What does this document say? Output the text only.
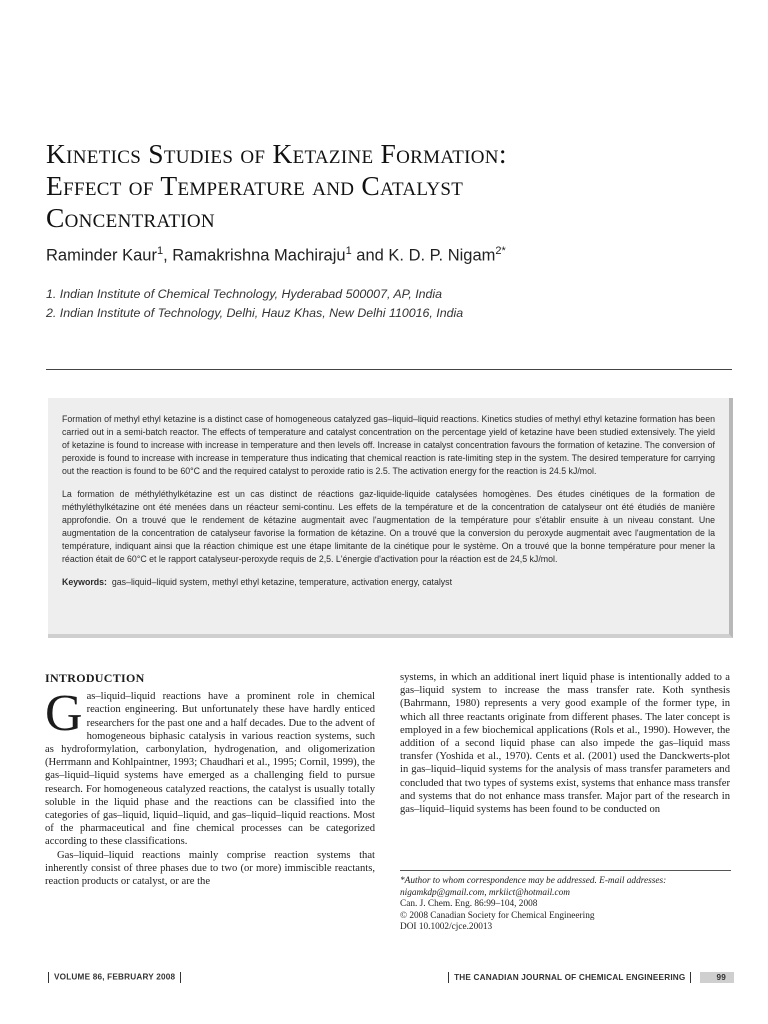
Kinetics Studies of Ketazine Formation:
Effect of Temperature and Catalyst
Concentration
Raminder Kaur$^1$, Ramakrishna Machiraju$^1$ and K. D. P. Nigam$^{2*}$
1. Indian Institute of Chemical Technology, Hyderabad 500007, AP, India
2. Indian Institute of Technology, Delhi, Hauz Khas, New Delhi 110016, India

Formation of methyl ethyl ketazine is a distinct case of homogeneous catalyzed gas–liquid–liquid reactions. Kinetics studies of methyl ethyl ketazine formation has been carried out in a semi-batch reactor. The effects of temperature and catalyst concentration on the percentage yield of ketazine have been studied extensively. The yield of ketazine is found to increase with increase in temperature and then levels off. Increase in catalyst concentration favours the formation of ketazine. The conversion of peroxide is found to increase with increase in temperature thus indicating that chemical reaction is rate-limiting step in the system. The desired temperature for carrying out the reaction is found to be 60°C and the required catalyst to peroxide ratio is 2.5. The activation energy for the reaction is 24.5 kJ/mol.

La formation de méthyléthylkétazine est un cas distinct de réactions gaz-liquide-liquide catalysées homogènes. Des études cinétiques de la formation de méthyléthylkétazine ont été menées dans un réacteur semi-continu. Les effets de la température et de la concentration de catalyseur ont été étudiés de manière approfondie. On a trouvé que le rendement de kétazine augmentait avec l'augmentation de la température pour s'établir ensuite à un niveau constant. Une augmentation de la concentration de catalyseur favorise la formation de kétazine. On a trouvé que la conversion du peroxyde augmentait avec l'augmentation de la température, indiquant ainsi que la réaction chimique est une étape limitante de la cinétique pour le système. On a trouvé que la bonne température pour mener la réaction était de 60°C et le rapport catalyseur-peroxyde requis de 2,5. L'énergie d'activation pour la réaction est de 24,5 kJ/mol.

Keywords: gas–liquid–liquid system, methyl ethyl ketazine, temperature, activation energy, catalyst

INTRODUCTION

Gas–liquid–liquid reactions have a prominent role in chemical reaction engineering. But unfortunately these have hardly enticed researchers for the past one and a half decades. Due to the advent of homogeneous biphasic catalysis in various reaction systems, such as hydroformylation, carbonylation, hydrogenation, and oligomerization (Herrmann and Kohlpaintner, 1993; Chaudhari et al., 1995; Cornil, 1999), the gas–liquid–liquid systems have emerged as a challenging field to pursue research. For homogeneous catalyzed reactions, the catalyst is usually totally soluble in the liquid phase and the reactions can be classified into the categories of gas–liquid, liquid–liquid, and gas–liquid–liquid reactions. Most of the pharmaceutical and fine chemical processes can be categorized according to these classifications.

Gas–liquid–liquid reactions mainly comprise reaction systems that inherently consist of three phases due to two (or more) immiscible reactants, reaction products or catalyst, or are the

systems, in which an additional inert liquid phase is intentionally added to a gas–liquid system to increase the mass transfer rate. Koth synthesis (Bahrmann, 1980) represents a very good example of the former type, in which all three reactants originate from different phases. The later concept is employed in a few biochemical applications (Rols et al., 1990). However, the addition of a second liquid phase can also impede the gas–liquid mass transfer (Yoshida et al., 1970). Cents et al. (2001) used the Danckwerts-plot in gas–liquid–liquid systems for the analysis of mass transfer parameters and concluded that two types of systems exist, systems that enhance mass transfer and systems that do not enhance mass transfer. Major part of the research in gas–liquid–liquid systems has been found to be conducted on

*Author to whom correspondence may be addressed. E-mail addresses: nigamkdp@gmail.com, mrkiict@hotmail.com
Can. J. Chem. Eng. 86:99–104, 2008
© 2008 Canadian Society for Chemical Engineering
DOI 10.1002/cjce.20013
VOLUME 86, FEBRUARY 2008	THE CANADIAN JOURNAL OF CHEMICAL ENGINEERING	99
